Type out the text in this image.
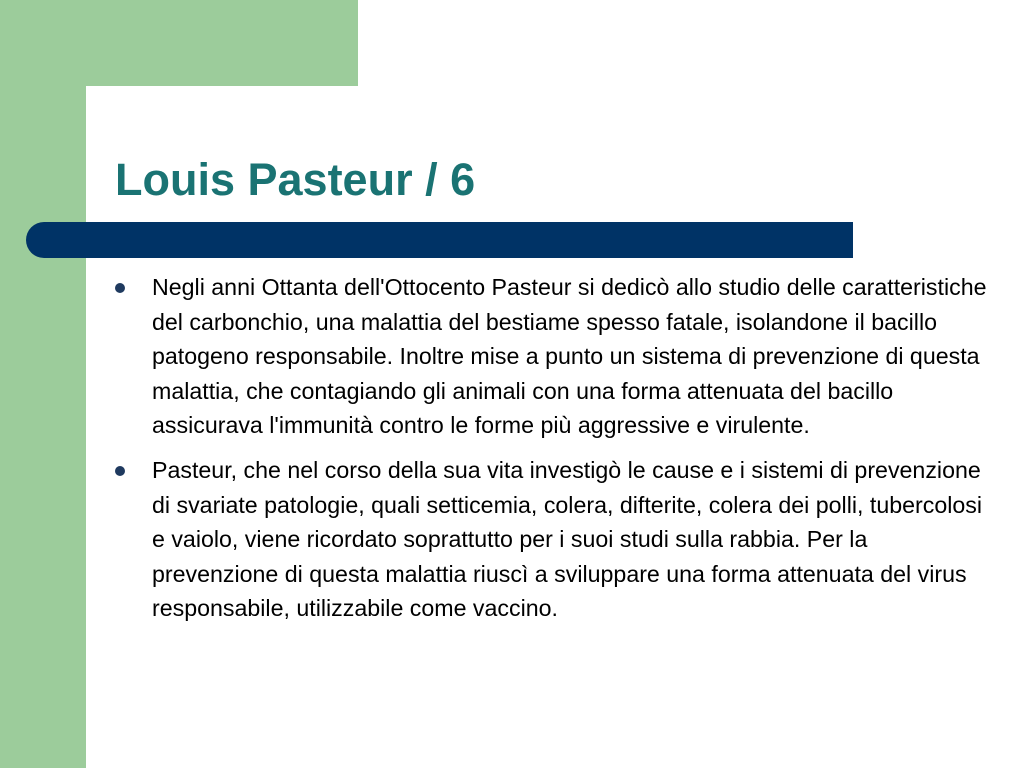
Louis Pasteur / 6
Negli anni Ottanta dell'Ottocento Pasteur si dedicò allo studio delle caratteristiche del carbonchio, una malattia del bestiame spesso fatale, isolandone il bacillo patogeno responsabile. Inoltre mise a punto un sistema di prevenzione di questa malattia, che contagiando gli animali con una forma attenuata del bacillo assicurava l'immunità contro le forme più aggressive e virulente.
Pasteur, che nel corso della sua vita investigò le cause e i sistemi di prevenzione di svariate patologie, quali setticemia, colera, difterite, colera dei polli, tubercolosi e vaiolo, viene ricordato soprattutto per i suoi studi sulla rabbia. Per la prevenzione di questa malattia riuscì a sviluppare una forma attenuata del virus responsabile, utilizzabile come vaccino.
